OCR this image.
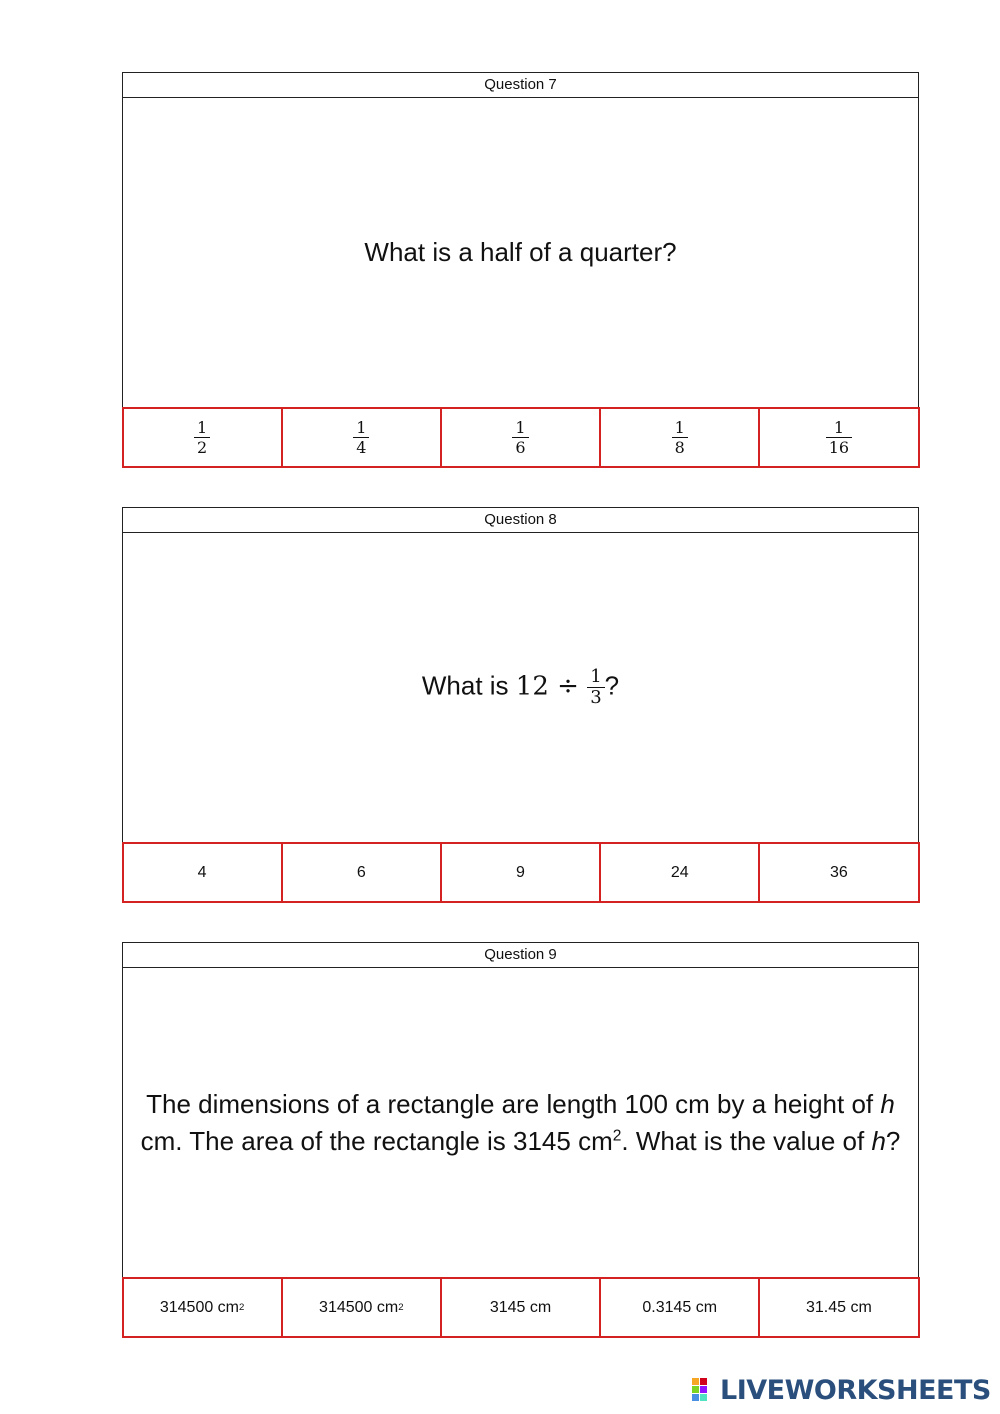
Question 7
What is a half of a quarter?
$\frac{1}{2}$	$\frac{1}{4}$	$\frac{1}{6}$	$\frac{1}{8}$	$\frac{1}{16}$
Question 8
What is $12 \div \frac{1}{3}$ ?
4	6	9	24	36
Question 9
The dimensions of a rectangle are length 100 cm by a height of h cm. The area of the rectangle is 3145 $cm^2$. What is the value of h?
314500 cm 2	314500 cm 2	3145 cm	0.3145 cm	31.45 cm
LIVEWORKSHEETS
